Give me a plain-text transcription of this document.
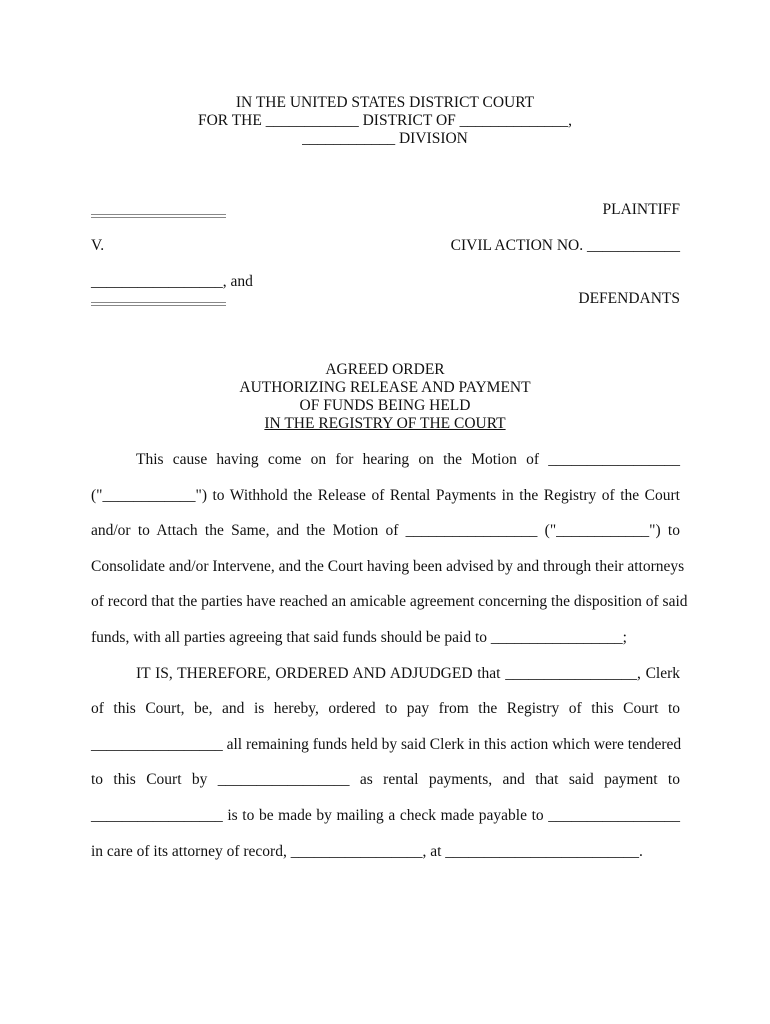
IN THE UNITED STATES DISTRICT COURT
FOR THE ____________ DISTRICT OF ______________,
____________ DIVISION
PLAINTIFF
V.	CIVIL ACTION NO. ____________
_________________, and
DEFENDANTS
AGREED ORDER
AUTHORIZING RELEASE AND PAYMENT
OF FUNDS BEING HELD
IN THE REGISTRY OF THE COURT
This cause having come on for hearing on the Motion of _________________
("____________") to Withhold the Release of Rental Payments in the Registry of the Court
and/or to Attach the Same, and the Motion of _________________ ("____________") to
Consolidate and/or Intervene, and the Court having been advised by and through their attorneys
of record that the parties have reached an amicable agreement concerning the disposition of said
funds, with all parties agreeing that said funds should be paid to _________________;
IT IS, THEREFORE, ORDERED AND ADJUDGED that _________________, Clerk
of this Court, be, and is hereby, ordered to pay from the Registry of this Court to
_________________ all remaining funds held by said Clerk in this action which were tendered
to this Court by _________________ as rental payments, and that said payment to
_________________ is to be made by mailing a check made payable to _________________
in care of its attorney of record, _________________, at _________________________.
